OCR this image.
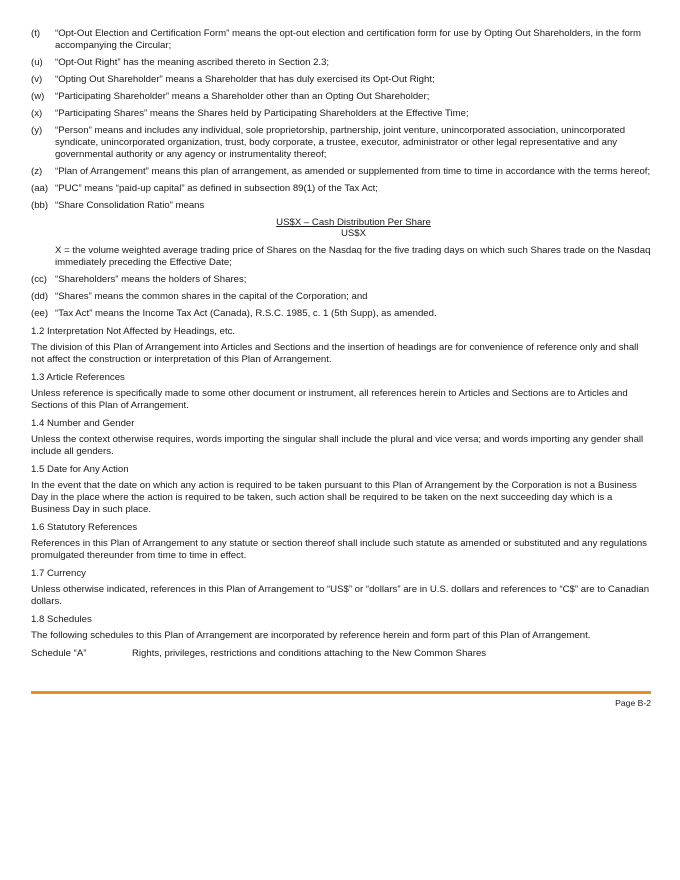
(t)	“Opt-Out Election and Certification Form” means the opt-out election and certification form for use by Opting Out Shareholders, in the form accompanying the Circular;
(u)	“Opt-Out Right” has the meaning ascribed thereto in Section 2.3;
(v)	“Opting Out Shareholder” means a Shareholder that has duly exercised its Opt-Out Right;
(w)	“Participating Shareholder” means a Shareholder other than an Opting Out Shareholder;
(x)	“Participating Shares” means the Shares held by Participating Shareholders at the Effective Time;
(y)	“Person” means and includes any individual, sole proprietorship, partnership, joint venture, unincorporated association, unincorporated syndicate, unincorporated organization, trust, body corporate, a trustee, executor, administrator or other legal representative and any governmental authority or any agency or instrumentality thereof;
(z)	“Plan of Arrangement” means this plan of arrangement, as amended or supplemented from time to time in accordance with the terms hereof;
(aa) “PUC” means “paid-up capital” as defined in subsection 89(1) of the Tax Act;
(bb) “Share Consolidation Ratio” means
US$X – Cash Distribution Per Share
US$X
X = the volume weighted average trading price of Shares on the Nasdaq for the five trading days on which such Shares trade on the Nasdaq immediately preceding the Effective Date;
(cc) “Shareholders” means the holders of Shares;
(dd) “Shares” means the common shares in the capital of the Corporation; and
(ee) “Tax Act” means the Income Tax Act (Canada), R.S.C. 1985, c. 1 (5th Supp), as amended.
1.2 Interpretation Not Affected by Headings, etc.
The division of this Plan of Arrangement into Articles and Sections and the insertion of headings are for convenience of reference only and shall not affect the construction or interpretation of this Plan of Arrangement.
1.3 Article References
Unless reference is specifically made to some other document or instrument, all references herein to Articles and Sections are to Articles and Sections of this Plan of Arrangement.
1.4 Number and Gender
Unless the context otherwise requires, words importing the singular shall include the plural and vice versa; and words importing any gender shall include all genders.
1.5 Date for Any Action
In the event that the date on which any action is required to be taken pursuant to this Plan of Arrangement by the Corporation is not a Business Day in the place where the action is required to be taken, such action shall be required to be taken on the next succeeding day which is a Business Day in such place.
1.6 Statutory References
References in this Plan of Arrangement to any statute or section thereof shall include such statute as amended or substituted and any regulations promulgated thereunder from time to time in effect.
1.7 Currency
Unless otherwise indicated, references in this Plan of Arrangement to “US$” or “dollars” are in U.S. dollars and references to “C$” are to Canadian dollars.
1.8 Schedules
The following schedules to this Plan of Arrangement are incorporated by reference herein and form part of this Plan of Arrangement.
Schedule “A”	Rights, privileges, restrictions and conditions attaching to the New Common Shares
Page B-2
